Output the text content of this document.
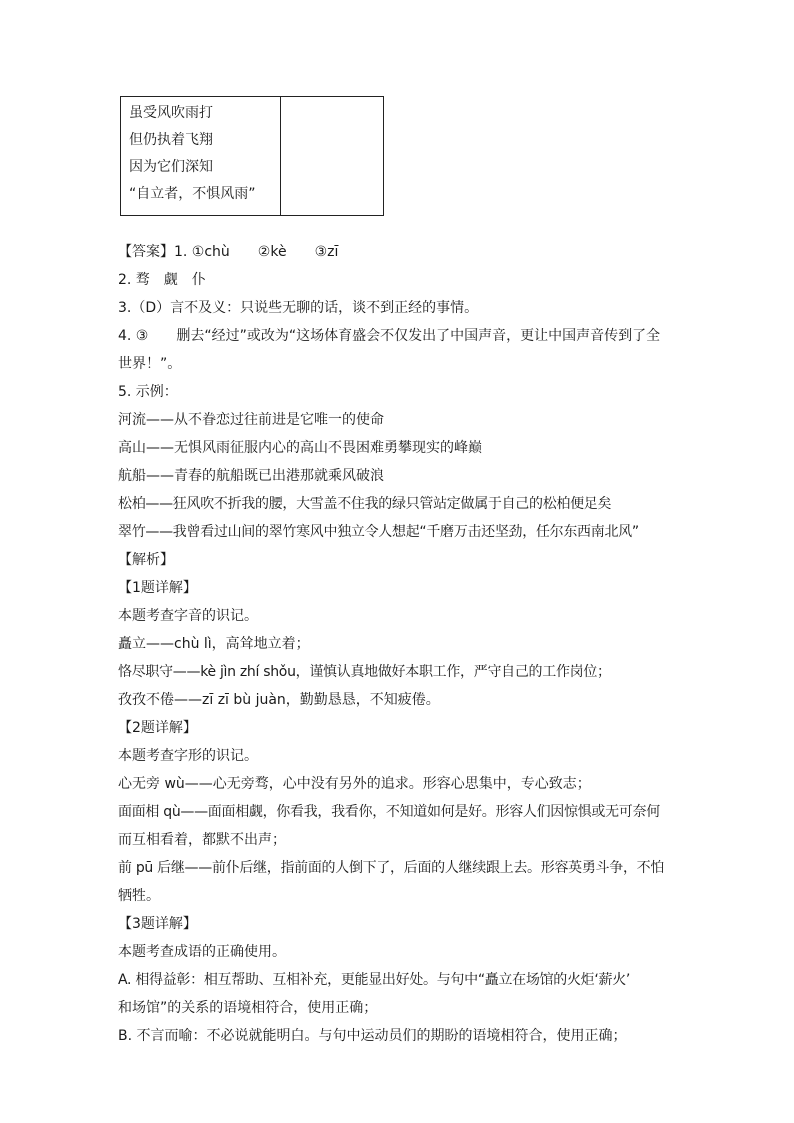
虽受风吹雨打
但仍执着飞翔
因为它们深知
“自立者，不惧风雨”
【答案】1. ①chù　　②kè　　③zī
2. 骛　觑　仆
3.（D）言不及义：只说些无聊的话，谈不到正经的事情。
4. ③　　删去“经过”或改为“这场体育盛会不仅发出了中国声音，更让中国声音传到了全
世界！”。
5. 示例：
河流——从不眷恋过往前进是它唯一的使命
高山——无惧风雨征服内心的高山不畏困难勇攀现实的峰巅
航船——青春的航船既已出港那就乘风破浪
松柏——狂风吹不折我的腰，大雪盖不住我的绿只管站定做属于自己的松柏便足矣
翠竹——我曾看过山间的翠竹寒风中独立令人想起“千磨万击还坚劲，任尔东西南北风”
【解析】
【1题详解】
本题考查字音的识记。
矗立——chù lì，高耸地立着；
恪尽职守——kè jìn zhí shǒu，谨慎认真地做好本职工作，严守自己的工作岗位；
孜孜不倦——zī zī bù juàn，勤勤恳恳，不知疲倦。
【2题详解】
本题考查字形的识记。
心无旁 wù——心无旁骛，心中没有另外的追求。形容心思集中，专心致志；
面面相 qù——面面相觑，你看我，我看你，不知道如何是好。形容人们因惊惧或无可奈何
而互相看着，都默不出声；
前 pū 后继——前仆后继，指前面的人倒下了，后面的人继续跟上去。形容英勇斗争，不怕
牺牲。
【3题详解】
本题考查成语的正确使用。
A. 相得益彰：相互帮助、互相补充，更能显出好处。与句中“矗立在场馆的火炬‘薪火’
和场馆”的关系的语境相符合，使用正确；
B. 不言而喻：不必说就能明白。与句中运动员们的期盼的语境相符合，使用正确；
